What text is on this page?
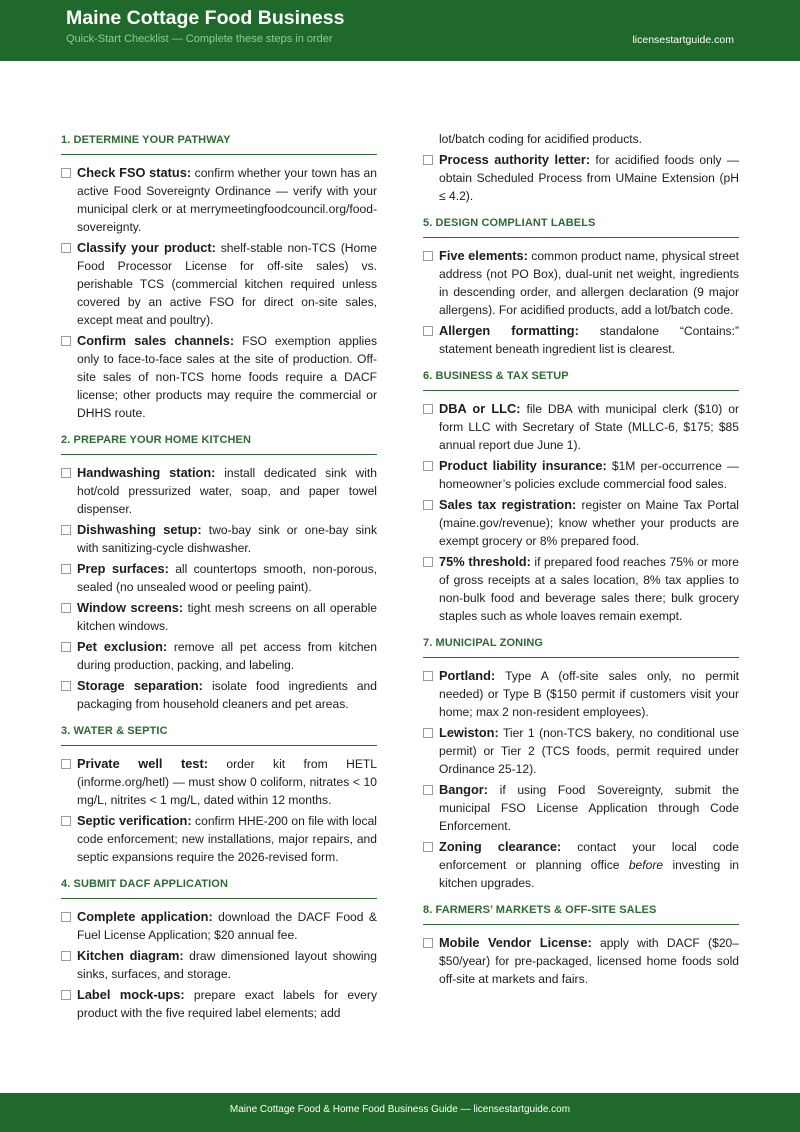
Maine Cottage Food Business
Quick-Start Checklist — Complete these steps in order	licensestartguide.com
1. DETERMINE YOUR PATHWAY
Check FSO status: confirm whether your town has an active Food Sovereignty Ordinance — verify with your municipal clerk or at merrymeetingfoodcouncil.org/food-sovereignty.
Classify your product: shelf-stable non-TCS (Home Food Processor License for off-site sales) vs. perishable TCS (commercial kitchen required unless covered by an active FSO for direct on-site sales, except meat and poultry).
Confirm sales channels: FSO exemption applies only to face-to-face sales at the site of production. Off-site sales of non-TCS home foods require a DACF license; other products may require the commercial or DHHS route.
2. PREPARE YOUR HOME KITCHEN
Handwashing station: install dedicated sink with hot/cold pressurized water, soap, and paper towel dispenser.
Dishwashing setup: two-bay sink or one-bay sink with sanitizing-cycle dishwasher.
Prep surfaces: all countertops smooth, non-porous, sealed (no unsealed wood or peeling paint).
Window screens: tight mesh screens on all operable kitchen windows.
Pet exclusion: remove all pet access from kitchen during production, packing, and labeling.
Storage separation: isolate food ingredients and packaging from household cleaners and pet areas.
3. WATER & SEPTIC
Private well test: order kit from HETL (informe.org/hetl) — must show 0 coliform, nitrates < 10 mg/L, nitrites < 1 mg/L, dated within 12 months.
Septic verification: confirm HHE-200 on file with local code enforcement; new installations, major repairs, and septic expansions require the 2026-revised form.
4. SUBMIT DACF APPLICATION
Complete application: download the DACF Food & Fuel License Application; $20 annual fee.
Kitchen diagram: draw dimensioned layout showing sinks, surfaces, and storage.
Label mock-ups: prepare exact labels for every product with the five required label elements; add
lot/batch coding for acidified products.
Process authority letter: for acidified foods only — obtain Scheduled Process from UMaine Extension (pH ≤ 4.2).
5. DESIGN COMPLIANT LABELS
Five elements: common product name, physical street address (not PO Box), dual-unit net weight, ingredients in descending order, and allergen declaration (9 major allergens). For acidified products, add a lot/batch code.
Allergen formatting: standalone “Contains:” statement beneath ingredient list is clearest.
6. BUSINESS & TAX SETUP
DBA or LLC: file DBA with municipal clerk ($10) or form LLC with Secretary of State (MLLC-6, $175; $85 annual report due June 1).
Product liability insurance: $1M per-occurrence — homeowner’s policies exclude commercial food sales.
Sales tax registration: register on Maine Tax Portal (maine.gov/revenue); know whether your products are exempt grocery or 8% prepared food.
75% threshold: if prepared food reaches 75% or more of gross receipts at a sales location, 8% tax applies to non-bulk food and beverage sales there; bulk grocery staples such as whole loaves remain exempt.
7. MUNICIPAL ZONING
Portland: Type A (off-site sales only, no permit needed) or Type B ($150 permit if customers visit your home; max 2 non-resident employees).
Lewiston: Tier 1 (non-TCS bakery, no conditional use permit) or Tier 2 (TCS foods, permit required under Ordinance 25-12).
Bangor: if using Food Sovereignty, submit the municipal FSO License Application through Code Enforcement.
Zoning clearance: contact your local code enforcement or planning office before investing in kitchen upgrades.
8. FARMERS’ MARKETS & OFF-SITE SALES
Mobile Vendor License: apply with DACF ($20–$50/year) for pre-packaged, licensed home foods sold off-site at markets and fairs.
Maine Cottage Food & Home Food Business Guide — licensestartguide.com
